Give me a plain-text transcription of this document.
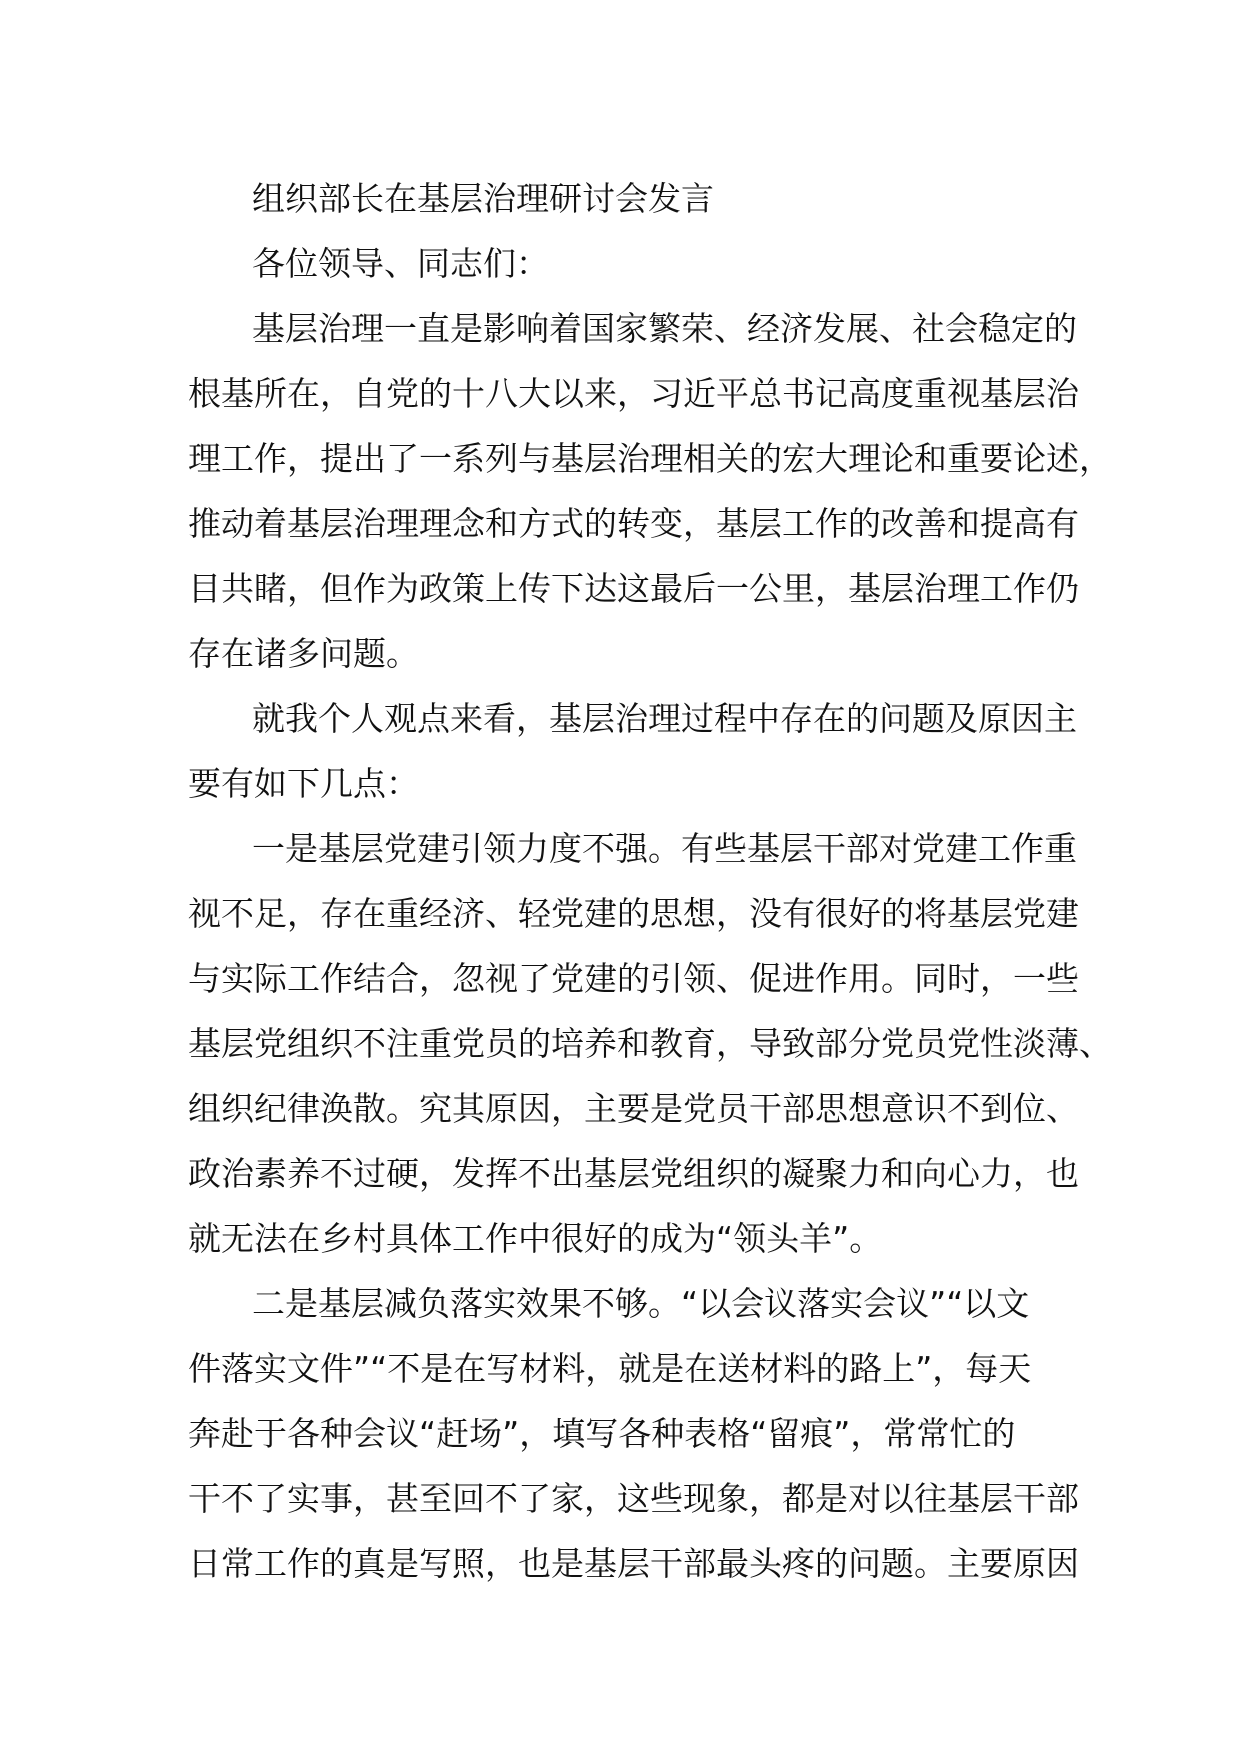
组织部长在基层治理研讨会发言
各位领导、同志们：
基层治理一直是影响着国家繁荣、经济发展、社会稳定的
根基所在，自党的十八大以来，习近平总书记高度重视基层治
理工作，提出了一系列与基层治理相关的宏大理论和重要论述，
推动着基层治理理念和方式的转变，基层工作的改善和提高有
目共睹，但作为政策上传下达这最后一公里，基层治理工作仍
存在诸多问题。
就我个人观点来看，基层治理过程中存在的问题及原因主
要有如下几点：
一是基层党建引领力度不强。有些基层干部对党建工作重
视不足，存在重经济、轻党建的思想，没有很好的将基层党建
与实际工作结合，忽视了党建的引领、促进作用。同时，一些
基层党组织不注重党员的培养和教育，导致部分党员党性淡薄、
组织纪律涣散。究其原因，主要是党员干部思想意识不到位、
政治素养不过硬，发挥不出基层党组织的凝聚力和向心力，也
就无法在乡村具体工作中很好的成为“领头羊”。
二是基层减负落实效果不够。“以会议落实会议”“以文
件落实文件”“不是在写材料，就是在送材料的路上”，每天
奔赴于各种会议“赶场”，填写各种表格“留痕”，常常忙的
干不了实事，甚至回不了家，这些现象，都是对以往基层干部
日常工作的真是写照，也是基层干部最头疼的问题。主要原因
